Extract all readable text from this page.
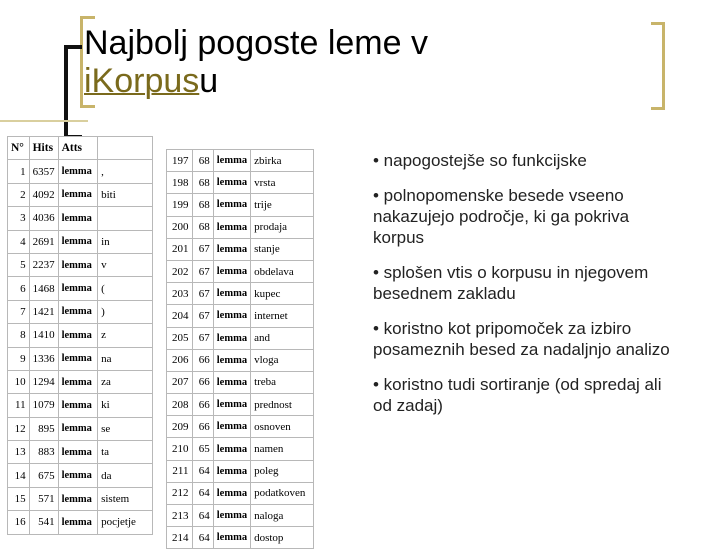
Najbolj pogoste leme v
iKorpusu
N°	Hits	Atts	
1	6357	lemma	,
2	4092	lemma	biti
3	4036	lemma	
4	2691	lemma	in
5	2237	lemma	v
6	1468	lemma	(
7	1421	lemma	)
8	1410	lemma	z
9	1336	lemma	na
10	1294	lemma	za
11	1079	lemma	ki
12	895	lemma	se
13	883	lemma	ta
14	675	lemma	da
15	571	lemma	sistem
16	541	lemma	pocjetje
197	68	lemma	zbirka
198	68	lemma	vrsta
199	68	lemma	trije
200	68	lemma	prodaja
201	67	lemma	stanje
202	67	lemma	obdelava
203	67	lemma	kupec
204	67	lemma	internet
205	67	lemma	and
206	66	lemma	vloga
207	66	lemma	treba
208	66	lemma	prednost
209	66	lemma	osnoven
210	65	lemma	namen
211	64	lemma	poleg
212	64	lemma	podatkoven
213	64	lemma	naloga
214	64	lemma	dostop
• napogostejše so funkcijske
• polnopomenske besede vseeno nakazujejo področje, ki ga pokriva korpus
• splošen vtis o korpusu in njegovem besednem zakladu
• koristno kot pripomoček za izbiro posameznih besed za nadaljnjo analizo
• koristno tudi sortiranje (od spredaj ali od zadaj)
